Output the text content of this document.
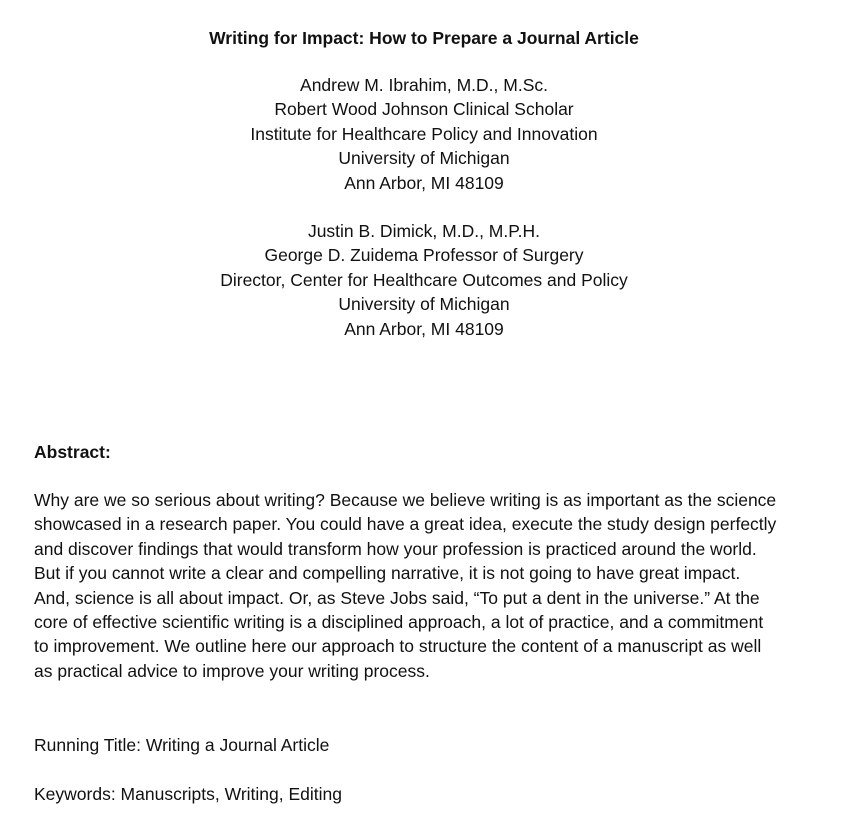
Writing for Impact: How to Prepare a Journal Article
Andrew M. Ibrahim, M.D., M.Sc.
Robert Wood Johnson Clinical Scholar
Institute for Healthcare Policy and Innovation
University of Michigan
Ann Arbor, MI 48109
Justin B. Dimick, M.D., M.P.H.
George D. Zuidema Professor of Surgery
Director, Center for Healthcare Outcomes and Policy
University of Michigan
Ann Arbor, MI 48109
Abstract:
Why are we so serious about writing? Because we believe writing is as important as the science
showcased in a research paper. You could have a great idea, execute the study design perfectly
and discover findings that would transform how your profession is practiced around the world.
But if you cannot write a clear and compelling narrative, it is not going to have great impact.
And, science is all about impact. Or, as Steve Jobs said, “To put a dent in the universe.” At the
core of effective scientific writing is a disciplined approach, a lot of practice, and a commitment
to improvement. We outline here our approach to structure the content of a manuscript as well
as practical advice to improve your writing process.
Running Title: Writing a Journal Article
Keywords: Manuscripts, Writing, Editing
